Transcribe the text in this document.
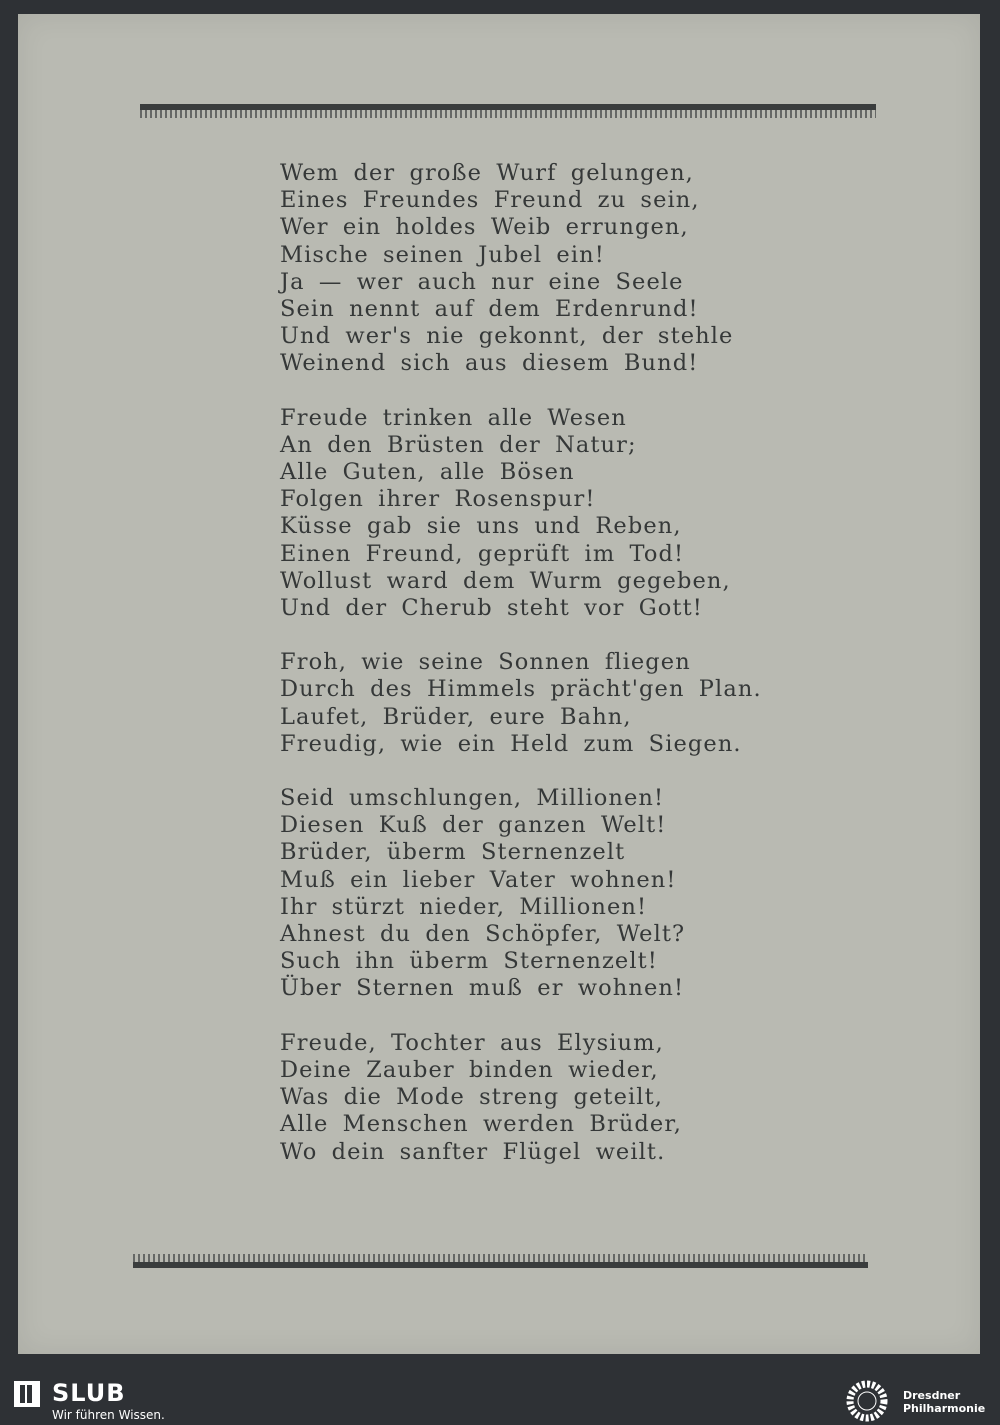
Wem der große Wurf gelungen,
Eines Freundes Freund zu sein,
Wer ein holdes Weib errungen,
Mische seinen Jubel ein!
Ja — wer auch nur eine Seele
Sein nennt auf dem Erdenrund!
Und wer's nie gekonnt, der stehle
Weinend sich aus diesem Bund!
Freude trinken alle Wesen
An den Brüsten der Natur;
Alle Guten, alle Bösen
Folgen ihrer Rosenspur!
Küsse gab sie uns und Reben,
Einen Freund, geprüft im Tod!
Wollust ward dem Wurm gegeben,
Und der Cherub steht vor Gott!
Froh, wie seine Sonnen fliegen
Durch des Himmels prächt'gen Plan.
Laufet, Brüder, eure Bahn,
Freudig, wie ein Held zum Siegen.
Seid umschlungen, Millionen!
Diesen Kuß der ganzen Welt!
Brüder, überm Sternenzelt
Muß ein lieber Vater wohnen!
Ihr stürzt nieder, Millionen!
Ahnest du den Schöpfer, Welt?
Such ihn überm Sternenzelt!
Über Sternen muß er wohnen!
Freude, Tochter aus Elysium,
Deine Zauber binden wieder,
Was die Mode streng geteilt,
Alle Menschen werden Brüder,
Wo dein sanfter Flügel weilt.
SLUB
Wir führen Wissen.
Dresdner
Philharmonie
